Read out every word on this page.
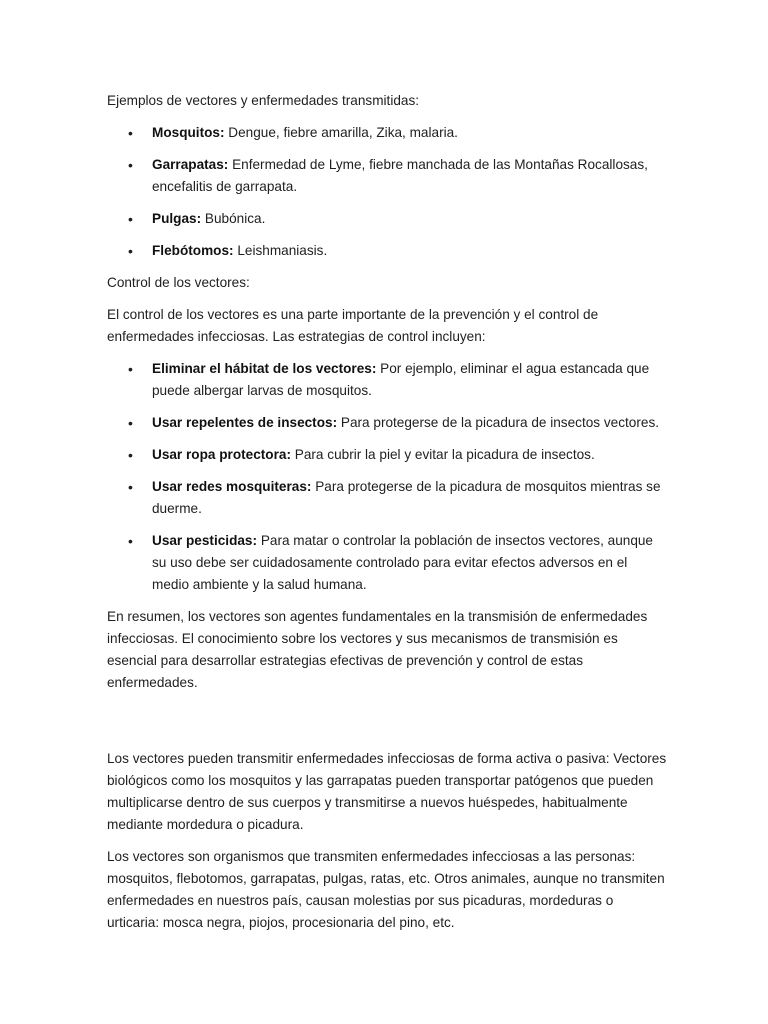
Ejemplos de vectores y enfermedades transmitidas:

• Mosquitos: Dengue, fiebre amarilla, Zika, malaria.
• Garrapatas: Enfermedad de Lyme, fiebre manchada de las Montañas Rocallosas, encefalitis de garrapata.
• Pulgas: Bubónica.
• Flebótomos: Leishmaniasis.

Control de los vectores:

El control de los vectores es una parte importante de la prevención y el control de enfermedades infecciosas. Las estrategias de control incluyen:

• Eliminar el hábitat de los vectores: Por ejemplo, eliminar el agua estancada que puede albergar larvas de mosquitos.
• Usar repelentes de insectos: Para protegerse de la picadura de insectos vectores.
• Usar ropa protectora: Para cubrir la piel y evitar la picadura de insectos.
• Usar redes mosquiteras: Para protegerse de la picadura de mosquitos mientras se duerme.
• Usar pesticidas: Para matar o controlar la población de insectos vectores, aunque su uso debe ser cuidadosamente controlado para evitar efectos adversos en el medio ambiente y la salud humana.

En resumen, los vectores son agentes fundamentales en la transmisión de enfermedades infecciosas. El conocimiento sobre los vectores y sus mecanismos de transmisión es esencial para desarrollar estrategias efectivas de prevención y control de estas enfermedades.

Los vectores pueden transmitir enfermedades infecciosas de forma activa o pasiva: Vectores biológicos como los mosquitos y las garrapatas pueden transportar patógenos que pueden multiplicarse dentro de sus cuerpos y transmitirse a nuevos huéspedes, habitualmente mediante mordedura o picadura.

Los vectores son organismos que transmiten enfermedades infecciosas a las personas: mosquitos, flebotomos, garrapatas, pulgas, ratas, etc. Otros animales, aunque no transmiten enfermedades en nuestros país, causan molestias por sus picaduras, mordeduras o urticaria: mosca negra, piojos, procesionaria del pino, etc.
